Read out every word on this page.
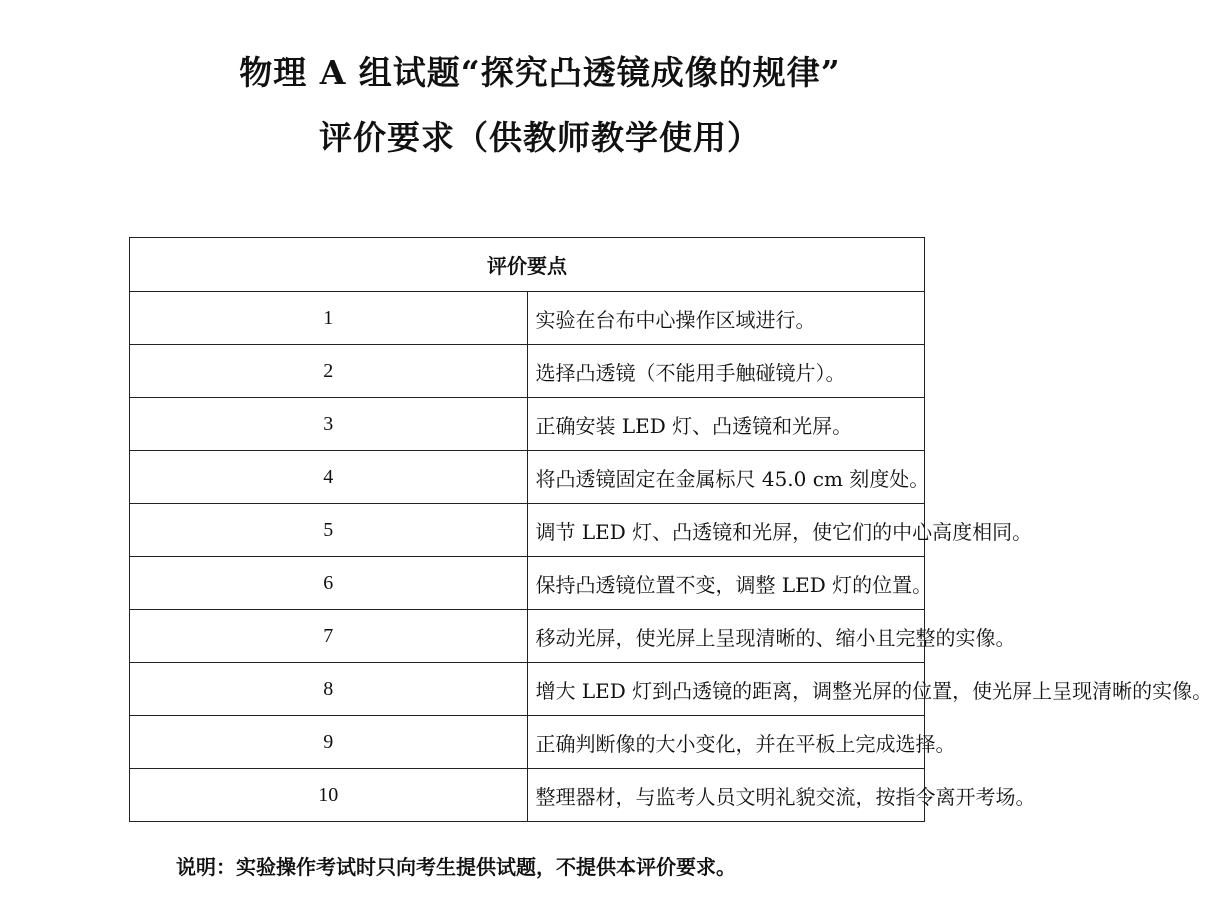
物理 A 组试题“探究凸透镜成像的规律”
评价要求（供教师教学使用）
评价要点	
1	实验在台布中心操作区域进行。
2	选择凸透镜（不能用手触碰镜片）。
3	正确安装 LED 灯、凸透镜和光屏。
4	将凸透镜固定在金属标尺 45.0 cm 刻度处。
5	调节 LED 灯、凸透镜和光屏，使它们的中心高度相同。
6	保持凸透镜位置不变，调整 LED 灯的位置。
7	移动光屏，使光屏上呈现清晰的、缩小且完整的实像。
8	增大 LED 灯到凸透镜的距离，调整光屏的位置，使光屏上呈现清晰的实像。
9	正确判断像的大小变化，并在平板上完成选择。
10	整理器材，与监考人员文明礼貌交流，按指令离开考场。
说明：实验操作考试时只向考生提供试题，不提供本评价要求。
